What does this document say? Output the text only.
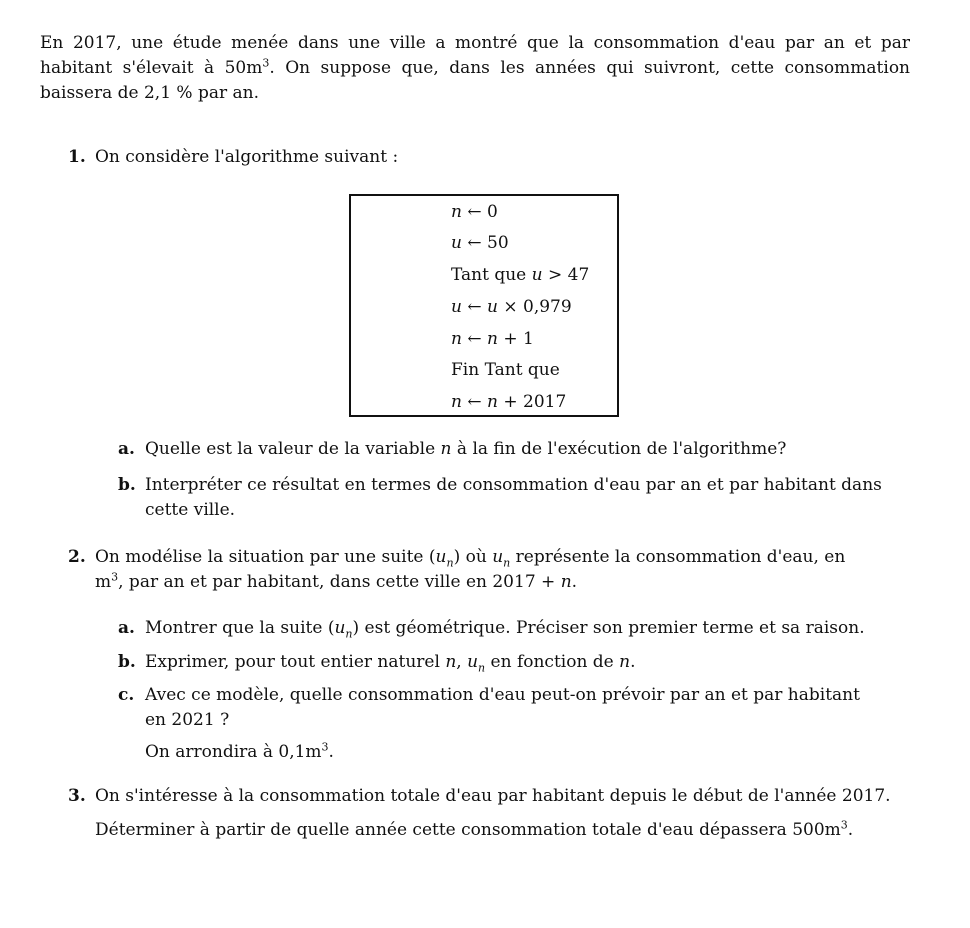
En 2017, une étude menée dans une ville a montré que la consommation d'eau par an et par habitant s'élevait à $50m^3$. On suppose que, dans les années qui suivront, cette consommation baissera de 2,1 % par an.

1. On considère l'algorithme suivant :

n ← 0
u ← 50
Tant que u > 47
u ← u × 0,979
n ← n + 1
Fin Tant que
n ← n + 2017

a. Quelle est la valeur de la variable n à la fin de l'exécution de l'algorithme?

b. Interpréter ce résultat en termes de consommation d'eau par an et par habitant dans
cette ville.

2. On modélise la situation par une suite $(u_n)$ où $u_n$ représente la consommation d'eau, en
$m^3$, par an et par habitant, dans cette ville en 2017 + n.

a. Montrer que la suite $(u_n)$ est géométrique. Préciser son premier terme et sa raison.

b. Exprimer, pour tout entier naturel n, $u_n$ en fonction de n.

c. Avec ce modèle, quelle consommation d'eau peut-on prévoir par an et par habitant
en 2021 ?
On arrondira à $0,1m^3$.

3. On s'intéresse à la consommation totale d'eau par habitant depuis le début de l'année 2017.
Déterminer à partir de quelle année cette consommation totale d'eau dépassera $500m^3$.
